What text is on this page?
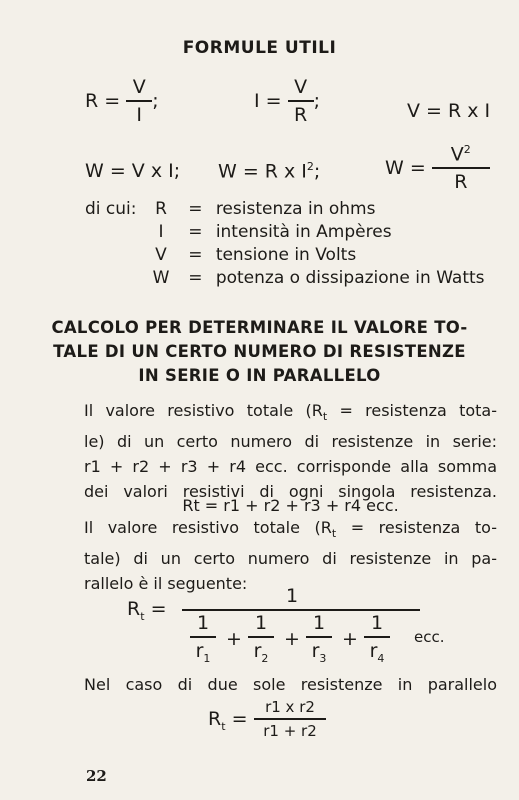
FORMULE UTILI
$R = \frac{V}{I}$ ;	$I = \frac{V}{R}$ ;	V = R x I
W = V x I; W = R x $I^2$;	$W = \frac{V^2}{R}$
di cui:	R = resistenza in ohms
I = intensità in Ampères
V = tensione in Volts
W = potenza o dissipazione in Watts
CALCOLO PER DETERMINARE IL VALORE TO-
TALE DI UN CERTO NUMERO DI RESISTENZE
IN SERIE O IN PARALLELO
Il valore resistivo totale ($R_t$ = resistenza tota-
le) di un certo numero di resistenze in serie:
r1 + r2 + r3 + r4 ecc. corrisponde alla somma
dei valori resistivi di ogni singola resistenza.
Rt = r1 + r2 + r3 + r4 ecc.
Il valore resistivo totale ($R_t$ = resistenza to-
tale) di un certo numero di resistenze in pa-
rallelo è il seguente:
$R_t$ =
1
$\frac{1}{r_1} + \frac{1}{r_2} + \frac{1}{r_3} + \frac{1}{r_4}$ ecc.
Nel caso di due sole resistenze in parallelo
$R_t$ =
r1 x r2
r1 + r2
22
